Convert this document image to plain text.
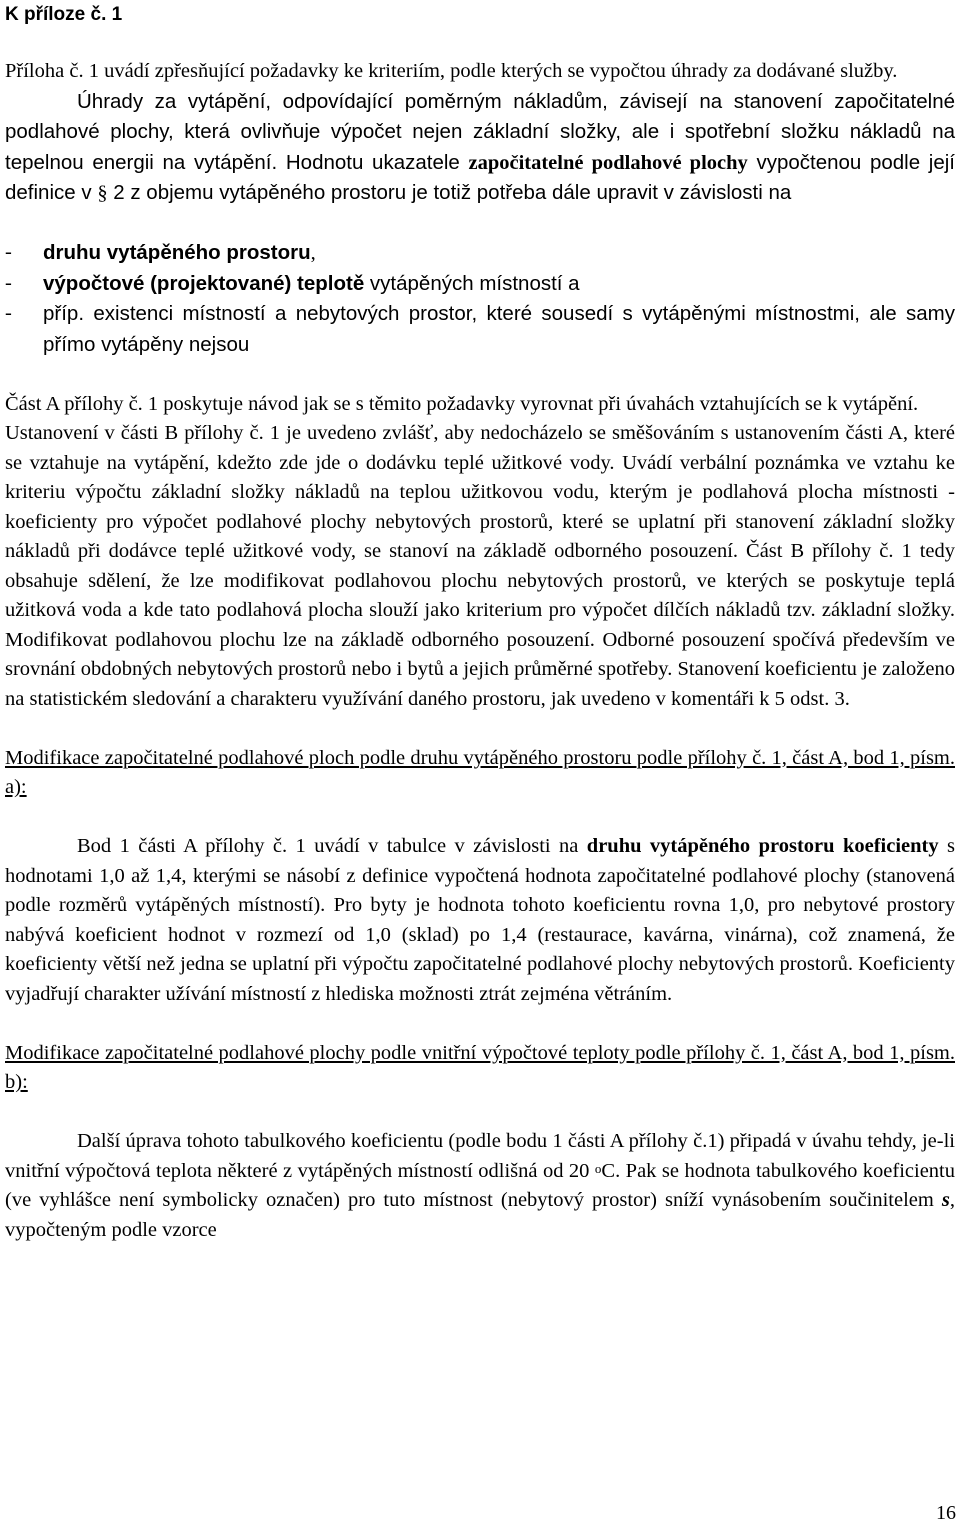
K příloze č. 1

Příloha č. 1 uvádí zpřesňující požadavky ke kriteriím, podle kterých se vypočtou úhrady za dodávané služby.

Úhrady za vytápění, odpovídající poměrným nákladům, závisejí na stanovení započitatelné podlahové plochy, která ovlivňuje výpočet nejen základní složky, ale i spotřební složku nákladů na tepelnou energii na vytápění. Hodnotu ukazatele započitatelné podlahové plochy vypočtenou podle její definice v § 2 z objemu vytápěného prostoru je totiž potřeba dále upravit v závislosti na

- druhu vytápěného prostoru,
- výpočtové (projektované) teplotě vytápěných místností a
- příp. existenci místností a nebytových prostor, které sousedí s vytápěnými místnostmi, ale samy přímo vytápěny nejsou

Část A přílohy č. 1 poskytuje návod jak se s těmito požadavky vyrovnat při úvahách vztahujících se k vytápění.

Ustanovení v části B přílohy č. 1 je uvedeno zvlášť, aby nedocházelo se směšováním s ustanovením části A, které se vztahuje na vytápění, kdežto zde jde o dodávku teplé užitkové vody. Uvádí verbální poznámka ve vztahu ke kriteriu výpočtu základní složky nákladů na teplou užitkovou vodu, kterým je podlahová plocha místnosti - koeficienty pro výpočet podlahové plochy nebytových prostorů, které se uplatní při stanovení základní složky nákladů při dodávce teplé užitkové vody, se stanoví na základě odborného posouzení. Část B přílohy č. 1 tedy obsahuje sdělení, že lze modifikovat podlahovou plochu nebytových prostorů, ve kterých se poskytuje teplá užitková voda a kde tato podlahová plocha slouží jako kriterium pro výpočet dílčích nákladů tzv. základní složky. Modifikovat podlahovou plochu lze na základě odborného posouzení. Odborné posouzení spočívá především ve srovnání obdobných nebytových prostorů nebo i bytů a jejich průměrné spotřeby. Stanovení koeficientu je založeno na statistickém sledování a charakteru využívání daného prostoru, jak uvedeno v komentáři k 5 odst. 3.

Modifikace započitatelné podlahové ploch podle druhu vytápěného prostoru podle přílohy č. 1, část A, bod 1, písm. a):

Bod 1 části A přílohy č. 1 uvádí v tabulce v závislosti na druhu vytápěného prostoru koeficienty s hodnotami 1,0 až 1,4, kterými se násobí z definice vypočtená hodnota započitatelné podlahové plochy (stanovená podle rozměrů vytápěných místností). Pro byty je hodnota tohoto koeficientu rovna 1,0, pro nebytové prostory nabývá koeficient hodnot v rozmezí od 1,0 (sklad) po 1,4 (restaurace, kavárna, vinárna), což znamená, že koeficienty větší než jedna se uplatní při výpočtu započitatelné podlahové plochy nebytových prostorů. Koeficienty vyjadřují charakter užívání místností z hlediska možnosti ztrát zejména větráním.

Modifikace započitatelné podlahové plochy podle vnitřní výpočtové teploty podle přílohy č. 1, část A, bod 1, písm. b):

Další úprava tohoto tabulkového koeficientu (podle bodu 1 části A přílohy č.1) připadá v úvahu tehdy, je-li vnitřní výpočtová teplota některé z vytápěných místností odlišná od 20 $^o$C. Pak se hodnota tabulkového koeficientu (ve vyhlášce není symbolicky označen) pro tuto místnost (nebytový prostor) sníží vynásobením součinitelem s, vypočteným podle vzorce

16
